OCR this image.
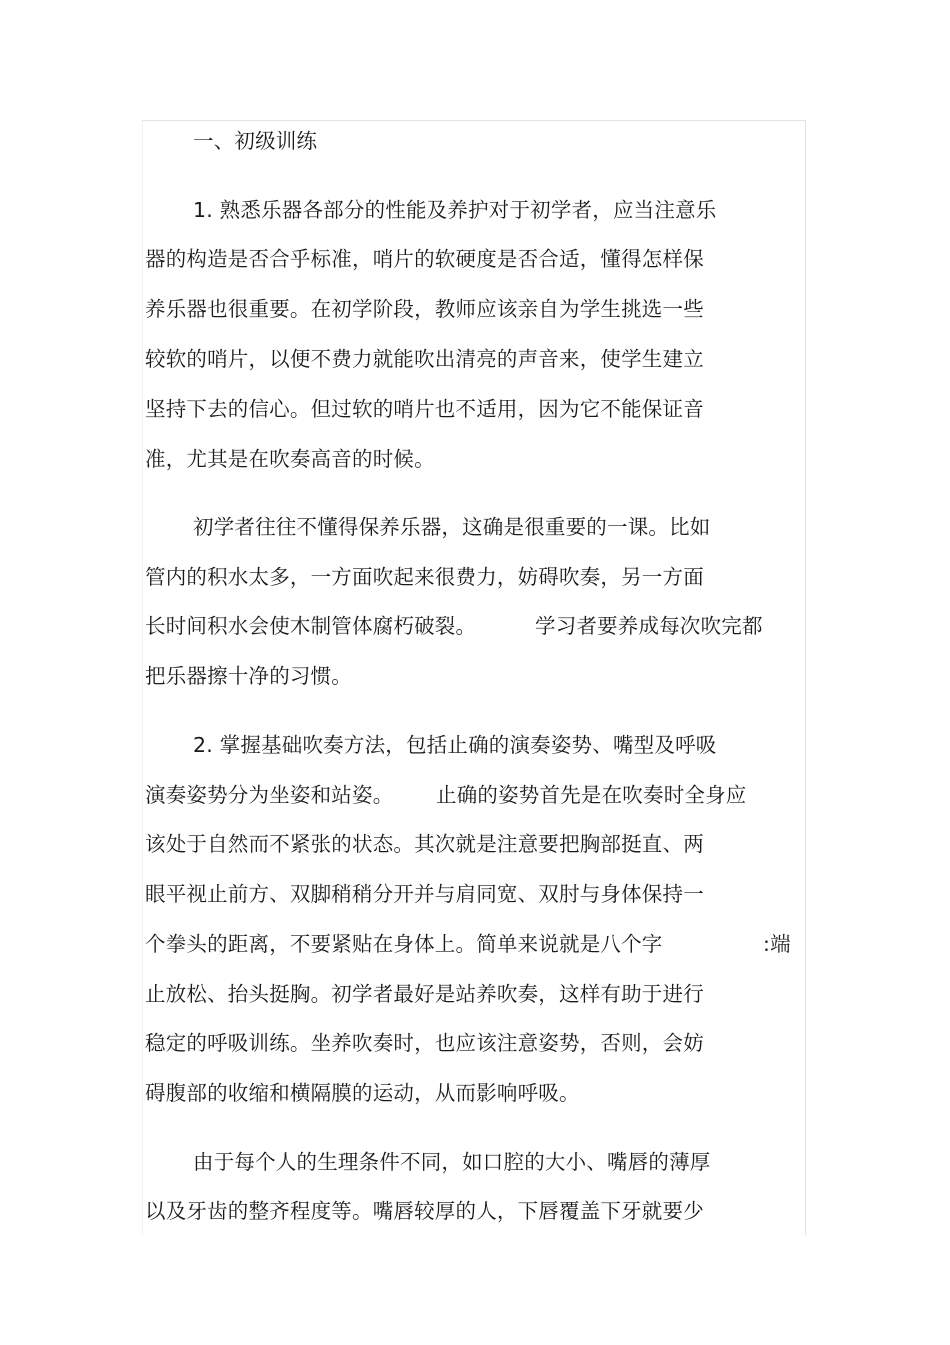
一、初级训练
1. 熟悉乐器各部分的性能及养护对于初学者，应当注意乐
器的构造是否合乎标准，哨片的软硬度是否合适，懂得怎样保
养乐器也很重要。在初学阶段，教师应该亲自为学生挑选一些
较软的哨片，以便不费力就能吹出清亮的声音来，使学生建立
坚持下去的信心。但过软的哨片也不适用，因为它不能保证音
准，尤其是在吹奏高音的时候。
初学者往往不懂得保养乐器，这确是很重要的一课。比如
管内的积水太多，一方面吹起来很费力，妨碍吹奏，另一方面
长时间积水会使木制管体腐朽破裂。	学习者要养成每次吹完都
把乐器擦十净的习惯。
2. 掌握基础吹奏方法，包括止确的演奏姿势、嘴型及呼吸
演奏姿势分为坐姿和站姿。 止确的姿势首先是在吹奏时全身应
该处于自然而不紧张的状态。其次就是注意要把胸部挺直、两
眼平视止前方、双脚稍稍分开并与肩同宽、双肘与身体保持一
个拳头的距离，不要紧贴在身体上。简单来说就是八个字	:端
止放松、抬头挺胸。初学者最好是站养吹奏，这样有助于进行
稳定的呼吸训练。坐养吹奏时，也应该注意姿势，否则，会妨
碍腹部的收缩和横隔膜的运动，从而影响呼吸。
由于每个人的生理条件不同，如口腔的大小、嘴唇的薄厚
以及牙齿的整齐程度等。嘴唇较厚的人，下唇覆盖下牙就要少
